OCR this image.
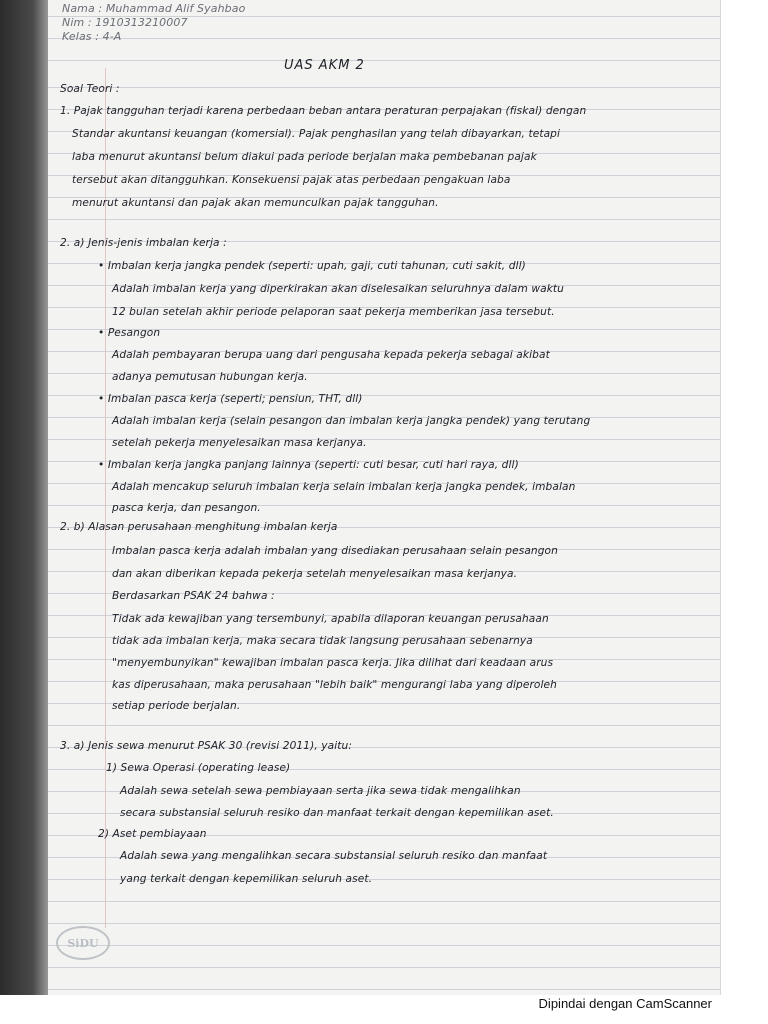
Nama : Muhammad Alif Syahbao
Nim : 1910313210007
Kelas : 4-A
UAS AKM 2
Soal Teori :
1. Pajak tangguhan terjadi karena perbedaan beban antara peraturan perpajakan (fiskal) dengan
Standar akuntansi keuangan (komersial). Pajak penghasilan yang telah dibayarkan, tetapi
laba menurut akuntansi belum diakui pada periode berjalan maka pembebanan pajak
tersebut akan ditangguhkan. Konsekuensi pajak atas perbedaan pengakuan laba
menurut akuntansi dan pajak akan memunculkan pajak tangguhan.
2. a) Jenis-jenis imbalan kerja :
• Imbalan kerja jangka pendek (seperti: upah, gaji, cuti tahunan, cuti sakit, dll)
Adalah imbalan kerja yang diperkirakan akan diselesaikan seluruhnya dalam waktu
12 bulan setelah akhir periode pelaporan saat pekerja memberikan jasa tersebut.
• Pesangon
Adalah pembayaran berupa uang dari pengusaha kepada pekerja sebagai akibat
adanya pemutusan hubungan kerja.
• Imbalan pasca kerja (seperti; pensiun, THT, dll)
Adalah imbalan kerja (selain pesangon dan imbalan kerja jangka pendek) yang terutang
setelah pekerja menyelesaikan masa kerjanya.
• Imbalan kerja jangka panjang lainnya (seperti: cuti besar, cuti hari raya, dll)
Adalah mencakup seluruh imbalan kerja selain imbalan kerja jangka pendek, imbalan
pasca kerja, dan pesangon.
2. b) Alasan perusahaan menghitung imbalan kerja
Imbalan pasca kerja adalah imbalan yang disediakan perusahaan selain pesangon
dan akan diberikan kepada pekerja setelah menyelesaikan masa kerjanya.
Berdasarkan PSAK 24 bahwa :
Tidak ada kewajiban yang tersembunyi, apabila dilaporan keuangan perusahaan
tidak ada imbalan kerja, maka secara tidak langsung perusahaan sebenarnya
"menyembunyikan" kewajiban imbalan pasca kerja. Jika dilihat dari keadaan arus
kas diperusahaan, maka perusahaan "lebih baik" mengurangi laba yang diperoleh
setiap periode berjalan.
3. a) Jenis sewa menurut PSAK 30 (revisi 2011), yaitu:
1) Sewa Operasi (operating lease)
Adalah sewa setelah sewa pembiayaan serta jika sewa tidak mengalihkan
secara substansial seluruh resiko dan manfaat terkait dengan kepemilikan aset.
2) Aset pembiayaan
Adalah sewa yang mengalihkan secara substansial seluruh resiko dan manfaat
yang terkait dengan kepemilikan seluruh aset.
SiDU
Dipindai dengan CamScanner
